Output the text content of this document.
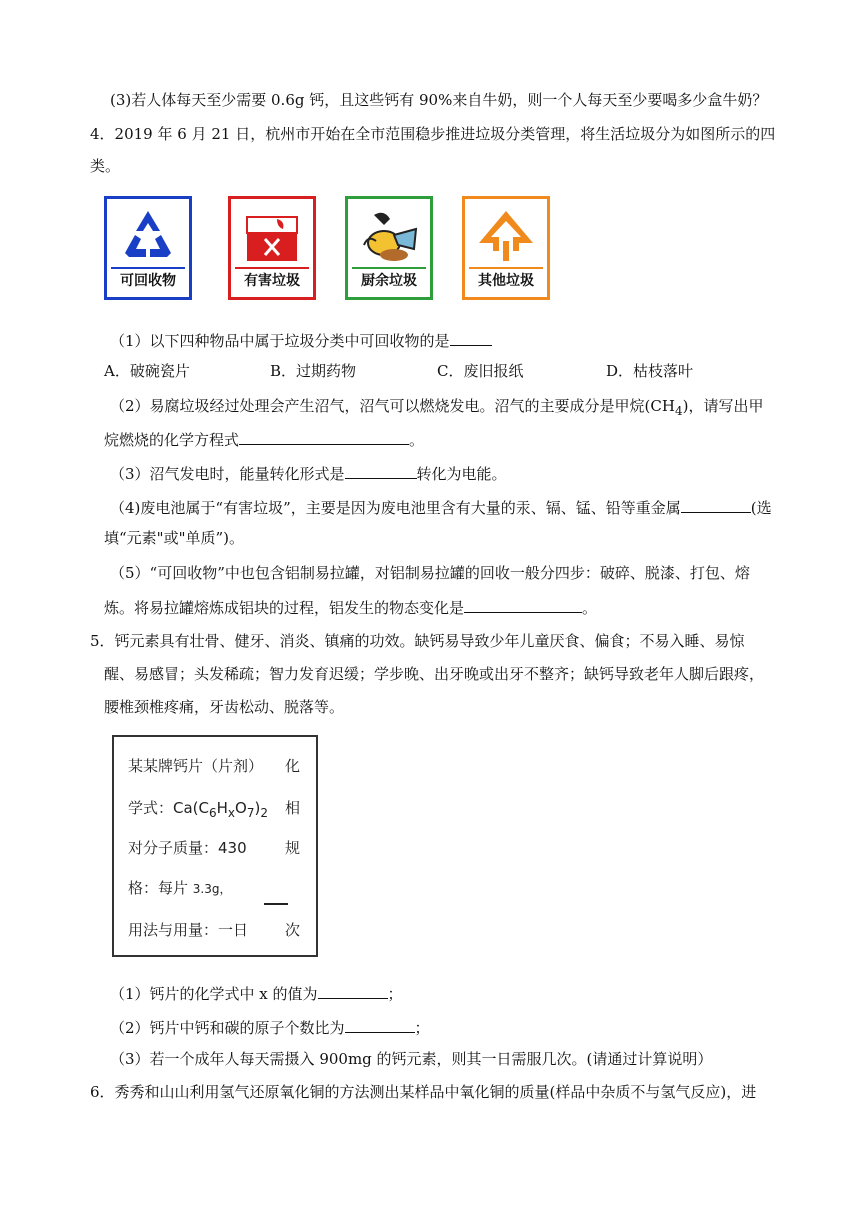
(3)若人体每天至少需要 0.6g 钙，且这些钙有 90%来自牛奶，则一个人每天至少要喝多少盒牛奶？
4．2019 年 6 月 21 日，杭州市开始在全市范围稳步推进垃圾分类管理，将生活垃圾分为如图所示的四
类。
可回收物	有害垃圾	厨余垃圾	其他垃圾
（1）以下四种物品中属于垃圾分类中可回收物的是
A．破碗瓷片	B．过期药物	C．废旧报纸	D．枯枝落叶
（2）易腐垃圾经过处理会产生沼气，沼气可以燃烧发电。沼气的主要成分是甲烷$(CH_4)$，请写出甲
烷燃烧的化学方程式	。
（3）沼气发电时，能量转化形式是	转化为电能。
（4)废电池属于“有害垃圾”，主要是因为废电池里含有大量的汞、镉、锰、铅等重金属	(选
填“元素"或"单质”)。
（5）“可回收物”中也包含铝制易拉罐，对铝制易拉罐的回收一般分四步：破碎、脱漆、打包、熔
炼。将易拉罐熔炼成铝块的过程，铝发生的物态变化是	。
5．钙元素具有壮骨、健牙、消炎、镇痛的功效。缺钙易导致少年儿童厌食、偏食；不易入睡、易惊
醒、易感冒；头发稀疏；智力发育迟缓；学步晚、出牙晚或出牙不整齐；缺钙导致老年人脚后跟疼，
腰椎颈椎疼痛，牙齿松动、脱落等。
某某牌钙片（片剂） 化
学式：$Ca(C_6H_xO_7)_2$ 相
对分子质量：430	规
格：每片 3.3g，
用法与用量：一日 次
（1）钙片的化学式中 x 的值为	；
（2）钙片中钙和碳的原子个数比为	；
（3）若一个成年人每天需摄入 900mg 的钙元素，则其一日需服几次。(请通过计算说明）
6．秀秀和山山利用氢气还原氧化铜的方法测出某样品中氧化铜的质量(样品中杂质不与氢气反应)，进
